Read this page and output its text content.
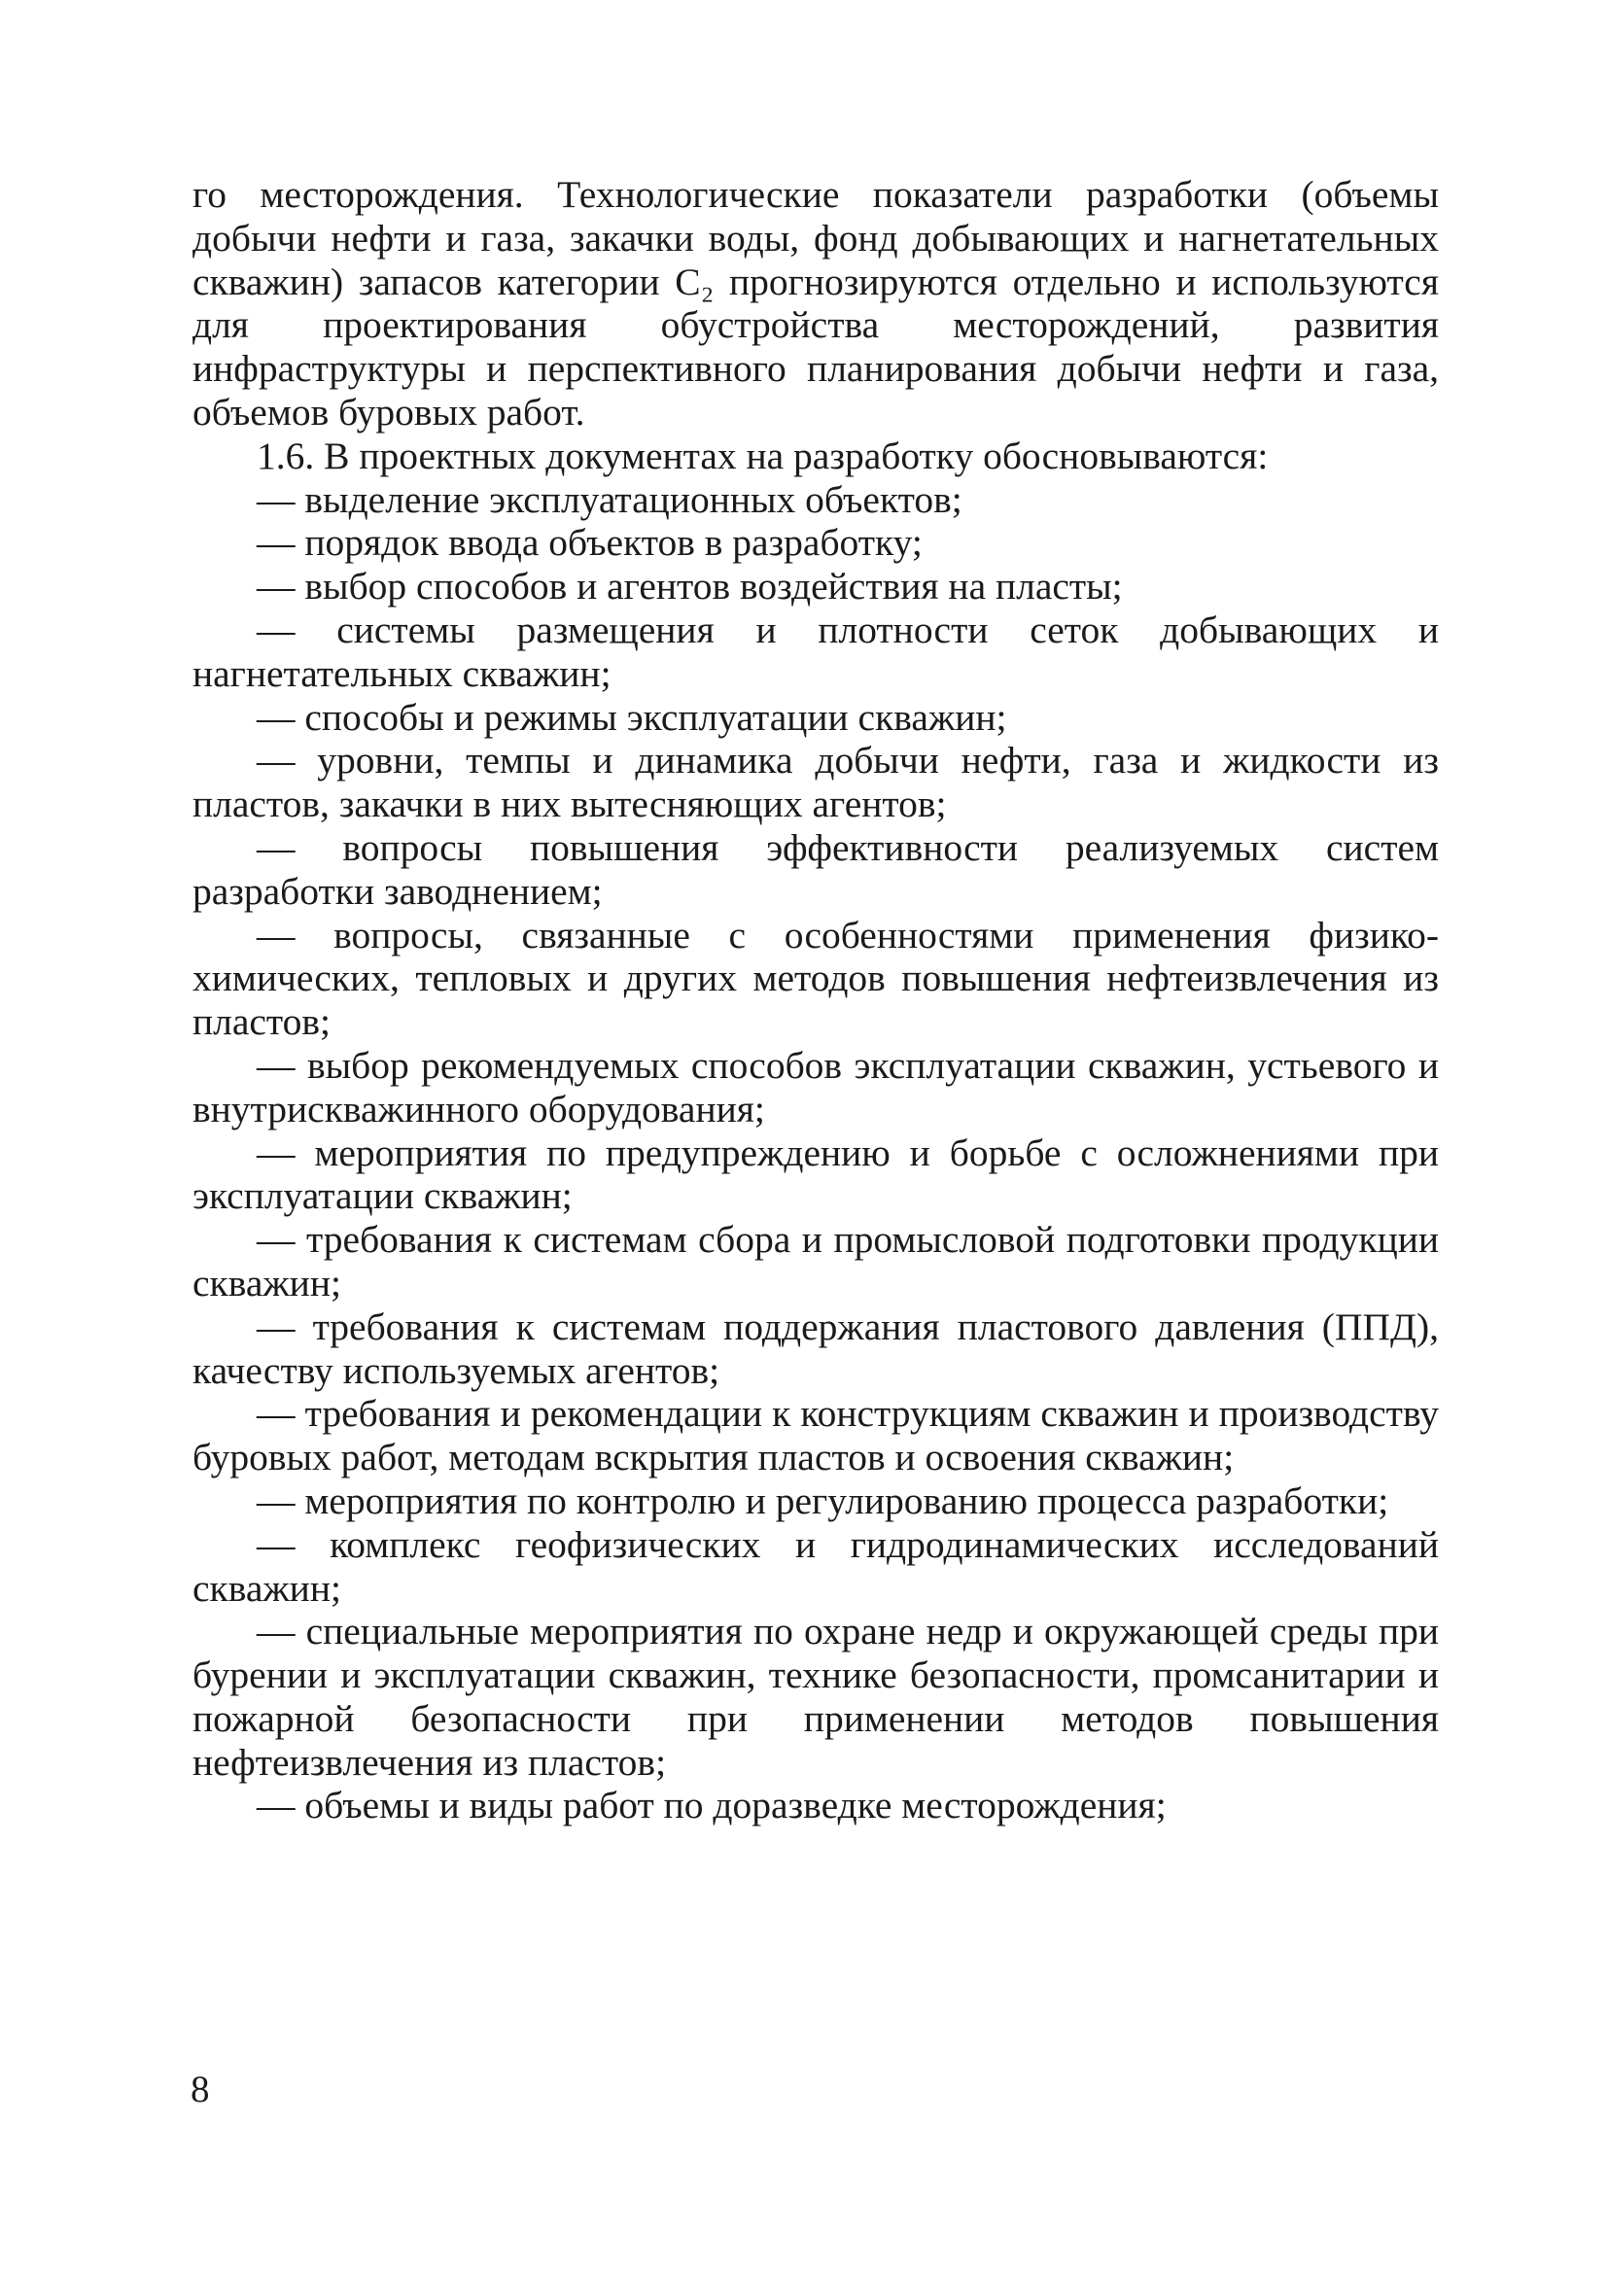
го месторождения. Технологические показатели разработки (объемы добычи нефти и газа, закачки воды, фонд добывающих и нагнетательных скважин) запасов категории C₂ прогнозируются отдельно и используются для проектирования обустройства месторождений, развития инфраструктуры и перспективного планирования добычи нефти и газа, объемов буровых работ.

1.6. В проектных документах на разработку обосновываются:

— выделение эксплуатационных объектов;

— порядок ввода объектов в разработку;

— выбор способов и агентов воздействия на пласты;

— системы размещения и плотности сеток добывающих и нагнетательных скважин;

— способы и режимы эксплуатации скважин;

— уровни, темпы и динамика добычи нефти, газа и жидкости из пластов, закачки в них вытесняющих агентов;

— вопросы повышения эффективности реализуемых систем разработки заводнением;

— вопросы, связанные с особенностями применения физико-химических, тепловых и других методов повышения нефтеизвлечения из пластов;

— выбор рекомендуемых способов эксплуатации скважин, устьевого и внутрискважинного оборудования;

— мероприятия по предупреждению и борьбе с осложнениями при эксплуатации скважин;

— требования к системам сбора и промысловой подготовки продукции скважин;

— требования к системам поддержания пластового давления (ППД), качеству используемых агентов;

— требования и рекомендации к конструкциям скважин и производству буровых работ, методам вскрытия пластов и освоения скважин;

— мероприятия по контролю и регулированию процесса разработки;

— комплекс геофизических и гидродинамических исследований скважин;

— специальные мероприятия по охране недр и окружающей среды при бурении и эксплуатации скважин, технике безопасности, промсанитарии и пожарной безопасности при применении методов повышения нефтеизвлечения из пластов;

— объемы и виды работ по доразведке месторождения;

8
